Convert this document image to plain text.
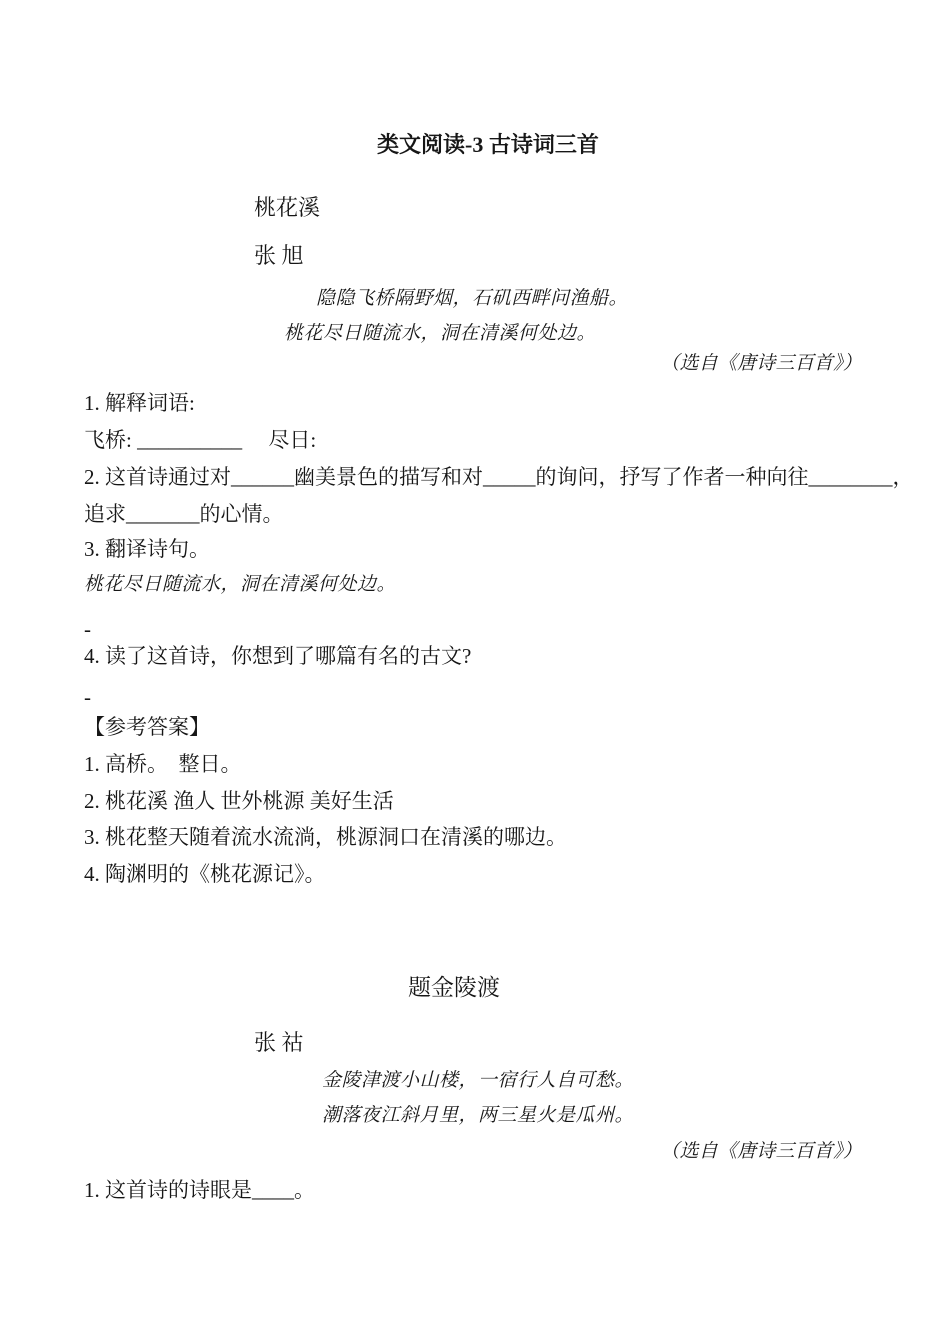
类文阅读-3 古诗词三首
桃花溪
张 旭
隐隐飞桥隔野烟，石矶西畔问渔船。
桃花尽日随流水，洞在清溪何处边。
（选自《唐诗三百首》）
1. 解释词语:
飞桥: __________　 尽日:
2. 这首诗通过对______幽美景色的描写和对_____的询问，抒写了作者一种向往________，
追求_______的心情。
3. 翻译诗句。
桃花尽日随流水，洞在清溪何处边。
-
4. 读了这首诗，你想到了哪篇有名的古文?
-
【参考答案】
1. 高桥。　整日。
2. 桃花溪 渔人 世外桃源 美好生活
3. 桃花整天随着流水流淌，桃源洞口在清溪的哪边。
4. 陶渊明的《桃花源记》。
题金陵渡
张 祜
金陵津渡小山楼，一宿行人自可愁。
潮落夜江斜月里，两三星火是瓜州。
（选自《唐诗三百首》）
1. 这首诗的诗眼是____。
